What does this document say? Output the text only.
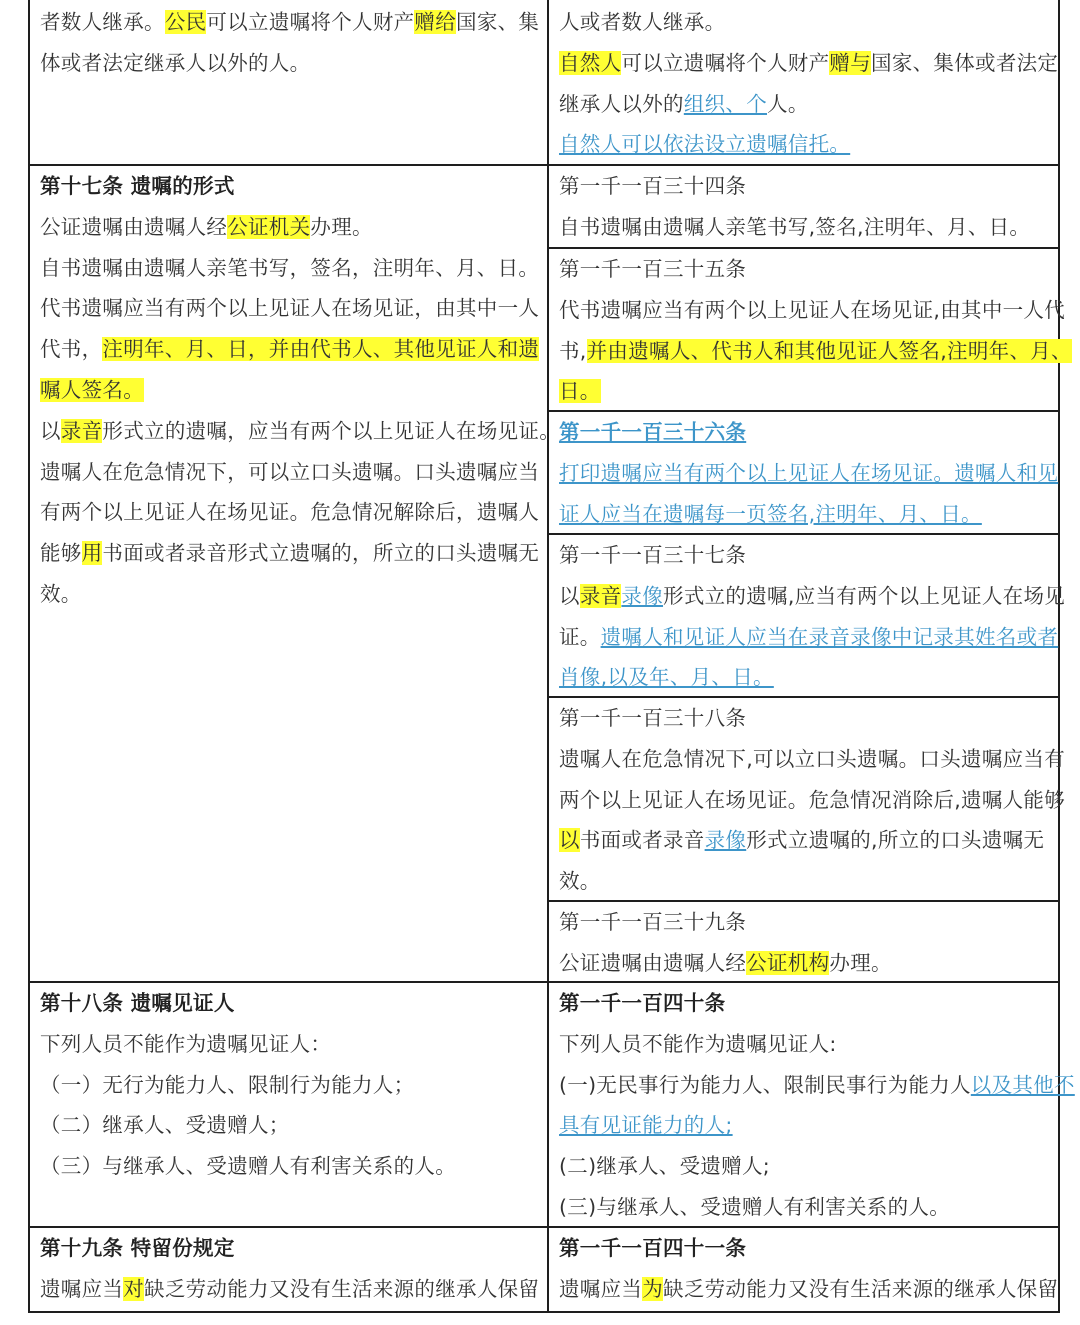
者数人继承。公民可以立遗嘱将个人财产赠给国家、集
体或者法定继承人以外的人。
人或者数人继承。
自然人可以立遗嘱将个人财产赠与国家、集体或者法定
继承人以外的组织、个人。
自然人可以依法设立遗嘱信托。
第十七条 遗嘱的形式
公证遗嘱由遗嘱人经公证机关办理。
自书遗嘱由遗嘱人亲笔书写，签名，注明年、月、日。
代书遗嘱应当有两个以上见证人在场见证，由其中一人
代书，注明年、月、日，并由代书人、其他见证人和遗
嘱人签名。
以录音形式立的遗嘱，应当有两个以上见证人在场见证。
遗嘱人在危急情况下，可以立口头遗嘱。口头遗嘱应当
有两个以上见证人在场见证。危急情况解除后，遗嘱人
能够用书面或者录音形式立遗嘱的，所立的口头遗嘱无
效。
第一千一百三十四条
自书遗嘱由遗嘱人亲笔书写,签名,注明年、月、日。
第一千一百三十五条
代书遗嘱应当有两个以上见证人在场见证,由其中一人代
书,并由遗嘱人、代书人和其他见证人签名,注明年、月、
日。
第一千一百三十六条
打印遗嘱应当有两个以上见证人在场见证。遗嘱人和见
证人应当在遗嘱每一页签名,注明年、月、日。
第一千一百三十七条
以录音录像形式立的遗嘱,应当有两个以上见证人在场见
证。遗嘱人和见证人应当在录音录像中记录其姓名或者
肖像,以及年、月、日。
第一千一百三十八条
遗嘱人在危急情况下,可以立口头遗嘱。口头遗嘱应当有
两个以上见证人在场见证。危急情况消除后,遗嘱人能够
以书面或者录音录像形式立遗嘱的,所立的口头遗嘱无
效。
第一千一百三十九条
公证遗嘱由遗嘱人经公证机构办理。
第十八条 遗嘱见证人
下列人员不能作为遗嘱见证人：
（一）无行为能力人、限制行为能力人；
（二）继承人、受遗赠人；
（三）与继承人、受遗赠人有利害关系的人。
第一千一百四十条
下列人员不能作为遗嘱见证人:
(一)无民事行为能力人、限制民事行为能力人以及其他不
具有见证能力的人;
(二)继承人、受遗赠人;
(三)与继承人、受遗赠人有利害关系的人。
第十九条 特留份规定
遗嘱应当对缺乏劳动能力又没有生活来源的继承人保留
第一千一百四十一条
遗嘱应当为缺乏劳动能力又没有生活来源的继承人保留
